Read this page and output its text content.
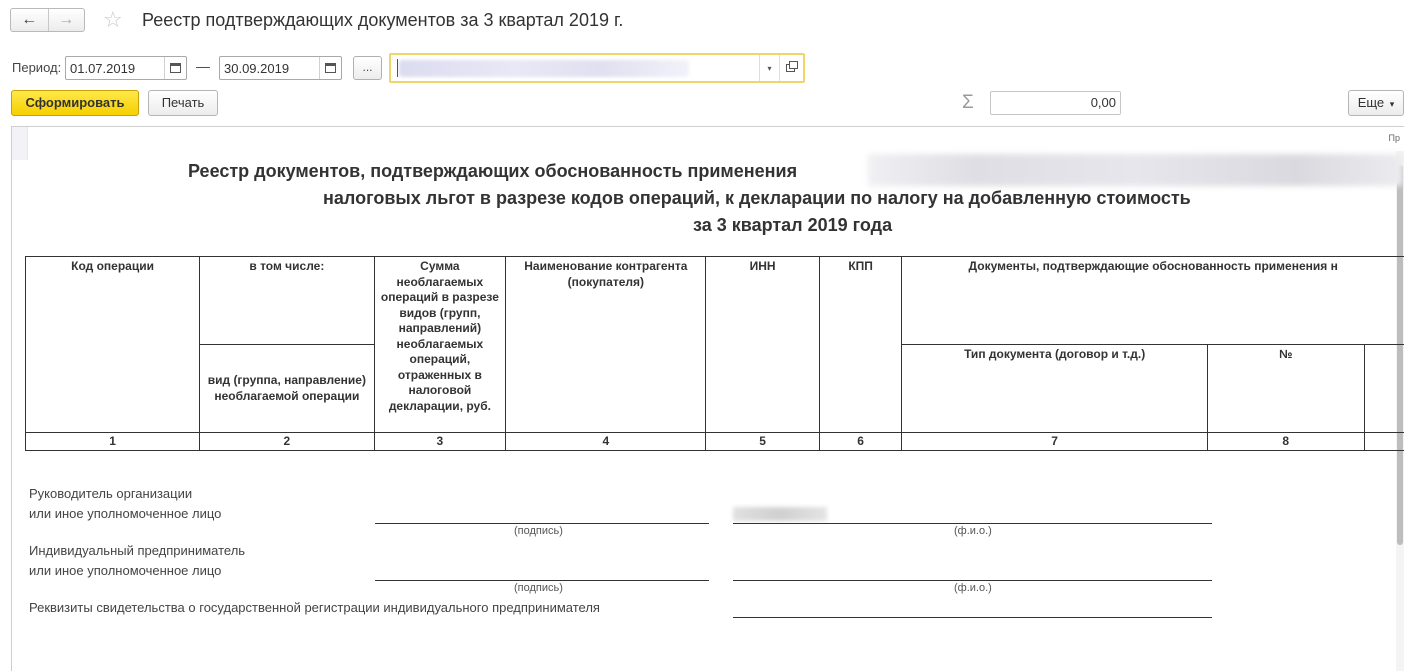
← → ☆ Реестр подтверждающих документов за 3 квартал 2019 г.
Период: 01.07.2019	— 30.09.2019	...	▾
Сформировать	Печать	Σ	0,00	Еще ▾
Пр
Реестр документов, подтверждающих обоснованность применения
налоговых льгот в разрезе кодов операций, к декларации по налогу на добавленную стоимость
за 3 квартал 2019 года
Код операции	в том числе:	Сумма необлагаемых операций в разрезе видов (групп, направлений) необлагаемых операций, отраженных в налоговой декларации, руб.	Наименование контрагента (покупателя)	ИНН	КПП	Документы, подтверждающие обоснованность применения н		
	вид (группа, направление) необлагаемой операции					Тип документа (договор и т.д.)	№	
1	2	3	4	5	6	7	8	
Руководитель организации
или иное уполномоченное лицо
(подпись)	(ф.и.о.)
Индивидуальный предприниматель
или иное уполномоченное лицо
(подпись)	(ф.и.о.)
Реквизиты свидетельства о государственной регистрации индивидуального предпринимателя
